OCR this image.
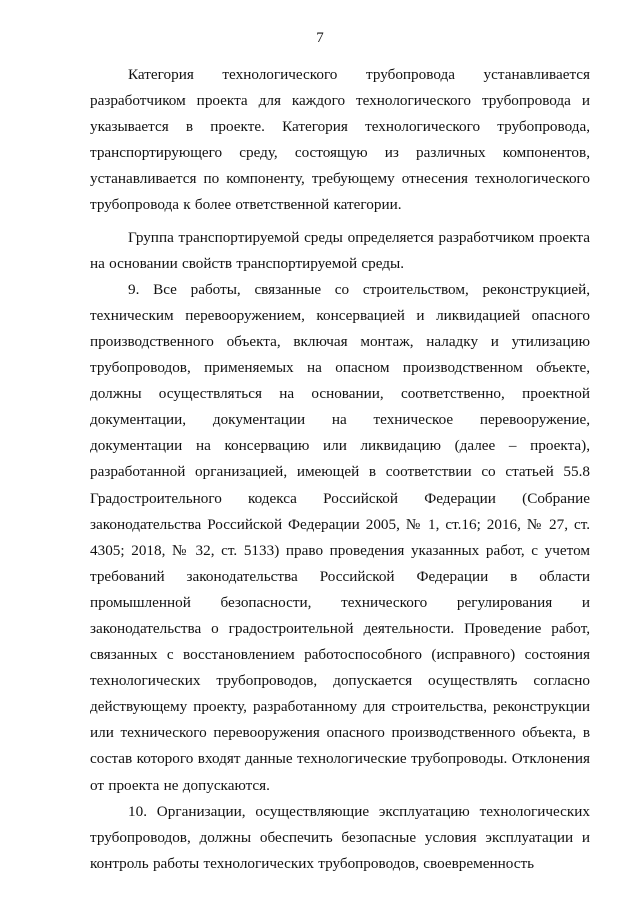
7

Категория технологического трубопровода устанавливается разработчиком проекта для каждого технологического трубопровода и указывается в проекте. Категория технологического трубопровода, транспортирующего среду, состоящую из различных компонентов, устанавливается по компоненту, требующему отнесения технологического трубопровода к более ответственной категории.

Группа транспортируемой среды определяется разработчиком проекта на основании свойств транспортируемой среды.

9. Все работы, связанные со строительством, реконструкцией, техническим перевооружением, консервацией и ликвидацией опасного производственного объекта, включая монтаж, наладку и утилизацию трубопроводов, применяемых на опасном производственном объекте, должны осуществляться на основании, соответственно, проектной документации, документации на техническое перевооружение, документации на консервацию или ликвидацию (далее – проекта), разработанной организацией, имеющей в соответствии со статьей 55.8 Градостроительного кодекса Российской Федерации (Собрание законодательства Российской Федерации 2005, № 1, ст.16; 2016, № 27, ст. 4305; 2018, № 32, ст. 5133) право проведения указанных работ, с учетом требований законодательства Российской Федерации в области промышленной безопасности, технического регулирования и законодательства о градостроительной деятельности. Проведение работ, связанных с восстановлением работоспособного (исправного) состояния технологических трубопроводов, допускается осуществлять согласно действующему проекту, разработанному для строительства, реконструкции или технического перевооружения опасного производственного объекта, в состав которого входят данные технологические трубопроводы. Отклонения от проекта не допускаются.

10. Организации, осуществляющие эксплуатацию технологических трубопроводов, должны обеспечить безопасные условия эксплуатации и контроль работы технологических трубопроводов, своевременность
